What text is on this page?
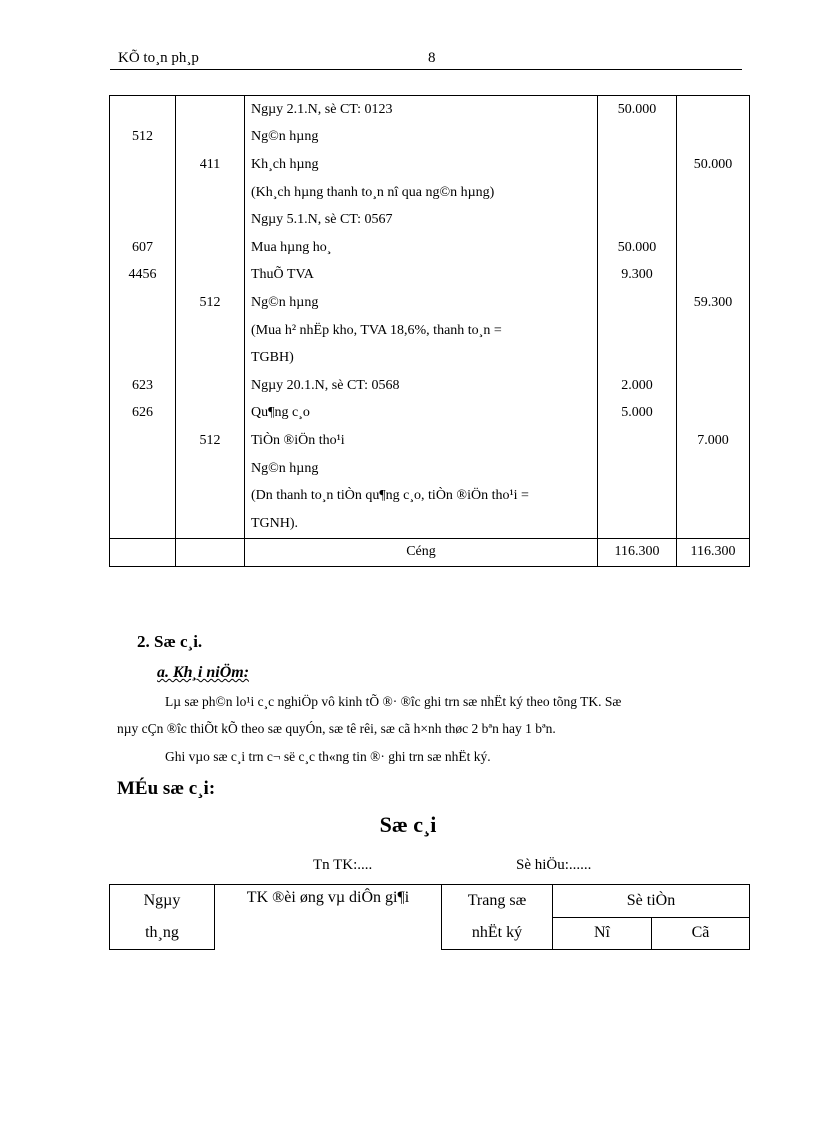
KÕ to¸n ph¸p	8
		Ngµy 2.1.N, sè CT: 0123	50.000	
512		Ng©n hµng		
	411	Kh¸ch hµng		50.000
		(Kh¸ch hµng thanh to¸n nî qua ng©n hµng)		
		Ngµy 5.1.N, sè CT: 0567		
607		Mua hµng ho¸	50.000	
4456		ThuÕ TVA	9.300	
	512	Ng©n hµng		59.300
		(Mua h² nhËp kho, TVA 18,6%, thanh to¸n =		
		TGBH)		
623		Ngµy 20.1.N, sè CT: 0568	2.000	
626		Qu¶ng c¸o	5.000	
	512	TiÒn ®iÖn tho¹i		7.000
		Ng©n hµng		
		(Dn thanh to¸n tiÒn qu¶ng c¸o, tiÒn ®iÖn tho¹i =		
		TGNH).		
		Céng	116.300	116.300
2. Sæ c¸i.
a. Kh¸i niÖm:
Lµ sæ ph©n lo¹i c¸c nghiÖp vô kinh tÕ ®· ®îc ghi trn sæ nhËt ký theo tõng TK. Sæ
nµy cÇn ®îc thiÕt kÕ theo sæ quyÓn, sæ tê rêi, sæ cã h×nh thøc 2 bªn hay 1 bªn.
Ghi vµo sæ c¸i trn c¬ së c¸c th«ng tin ®· ghi trn sæ nhËt ký.
MÉu sæ c¸i:
Sæ c¸i
Tn TK:....	Sè hiÖu:......
Ngµy	TK ®èi øng vµ diÔn gi¶i	Trang sæ	Sè tiÒn	
th¸ng		nhËt ký	Nî	Cã
